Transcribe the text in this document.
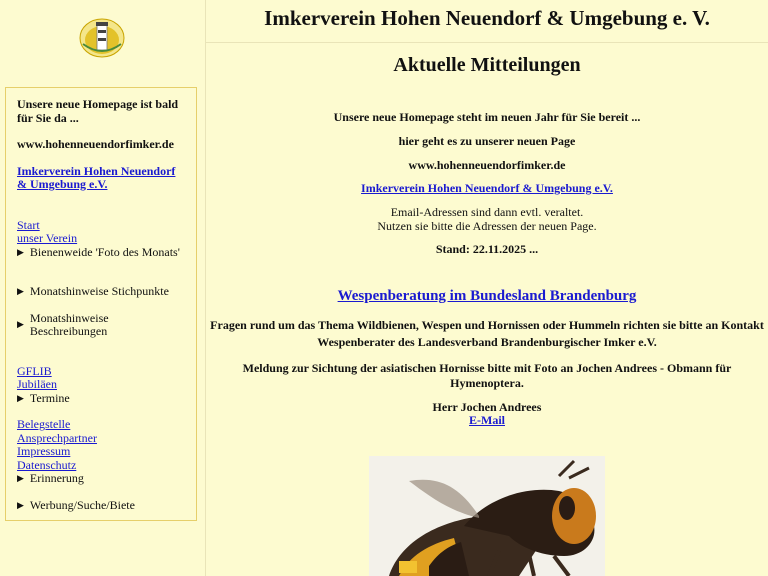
Unsere neue Homepage ist bald für Sie da ...
www.hohenneuendorfimker.de
Imkerverein Hohen Neuendorf & Umgebung e.V.
Start
unser Verein
▶ Bienenweide 'Foto des Monats'
▶ Monatshinweise Stichpunkte
▶ Monatshinweise Beschreibungen
GFLIB
Jubiläen
▶ Termine
Belegstelle
Ansprechpartner
Impressum
Datenschutz
▶ Erinnerung
▶ Werbung/Suche/Biete
Imkerverein Hohen Neuendorf & Umgebung e. V.
Aktuelle Mitteilungen
Unsere neue Homepage steht im neuen Jahr für Sie bereit ...
hier geht es zu unserer neuen Page
www.hohenneuendorfimker.de
Imkerverein Hohen Neuendorf & Umgebung e.V.
Email-Adressen sind dann evtl. veraltet.
Nutzen sie bitte die Adressen der neuen Page.
Stand: 22.11.2025 ...
Wespenberatung im Bundesland Brandenburg
Fragen rund um das Thema Wildbienen, Wespen und Hornissen oder Hummeln richten sie bitte an Kontakt
Wespenberater des Landesverband Brandenburgischer Imker e.V.
Meldung zur Sichtung der asiatischen Hornisse bitte mit Foto an Jochen Andrees - Obmann für Hymenoptera.
Herr Jochen Andrees
E-Mail
